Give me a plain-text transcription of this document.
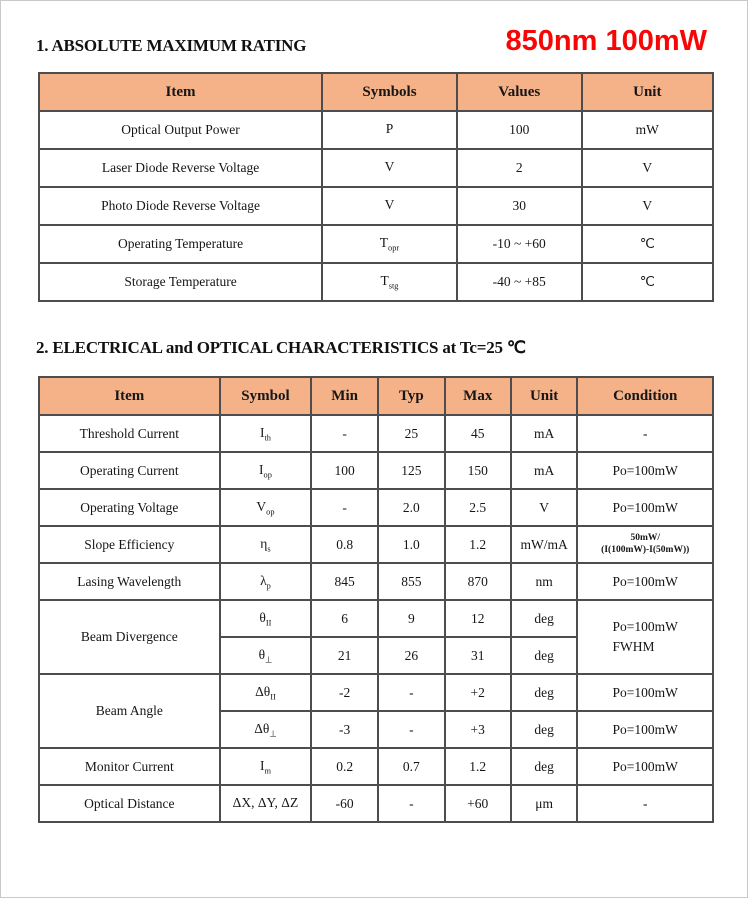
1. ABSOLUTE MAXIMUM RATING	850nm 100mW
Item	Symbols	Values	Unit
Optical Output Power	P	100	mW
Laser Diode Reverse Voltage	V	2	V
Photo Diode Reverse Voltage	V	30	V
Operating Temperature	$T_{opr}$	-10 ~ +60	℃
Storage Temperature	$T_{stg}$	-40 ~ +85	℃
2. ELECTRICAL and OPTICAL CHARACTERISTICS at Tc=25 ℃
Item	Symbol	Min	Typ	Max	Unit	Condition
Threshold Current	$I_{th}$	-	25	45	mA	-
Operating Current	$I_{op}$	100	125	150	mA	Po=100mW
Operating Voltage	$V_{op}$	-	2.0	2.5	V	Po=100mW
Slope Efficiency	$\eta_s$	0.8	1.0	1.2	mW/mA	50mW/
(I(100mW)-I(50mW))

Lasing Wavelength	$\lambda_p$	845	855	870	nm	Po=100mW
Beam Divergence	$\theta_{II}$	6	9	12	deg	Po=100mW
FWHM
	$\theta_\perp$	21	26	31	deg	
Beam Angle	$\Delta\theta_{II}$	-2	-	+2	deg	Po=100mW
	$\Delta\theta_\perp$	-3	-	+3	deg	Po=100mW
Monitor Current	$I_m$	0.2	0.7	1.2	deg	Po=100mW
Optical Distance	ΔX, ΔY, ΔZ	-60	-	+60	μm	-
